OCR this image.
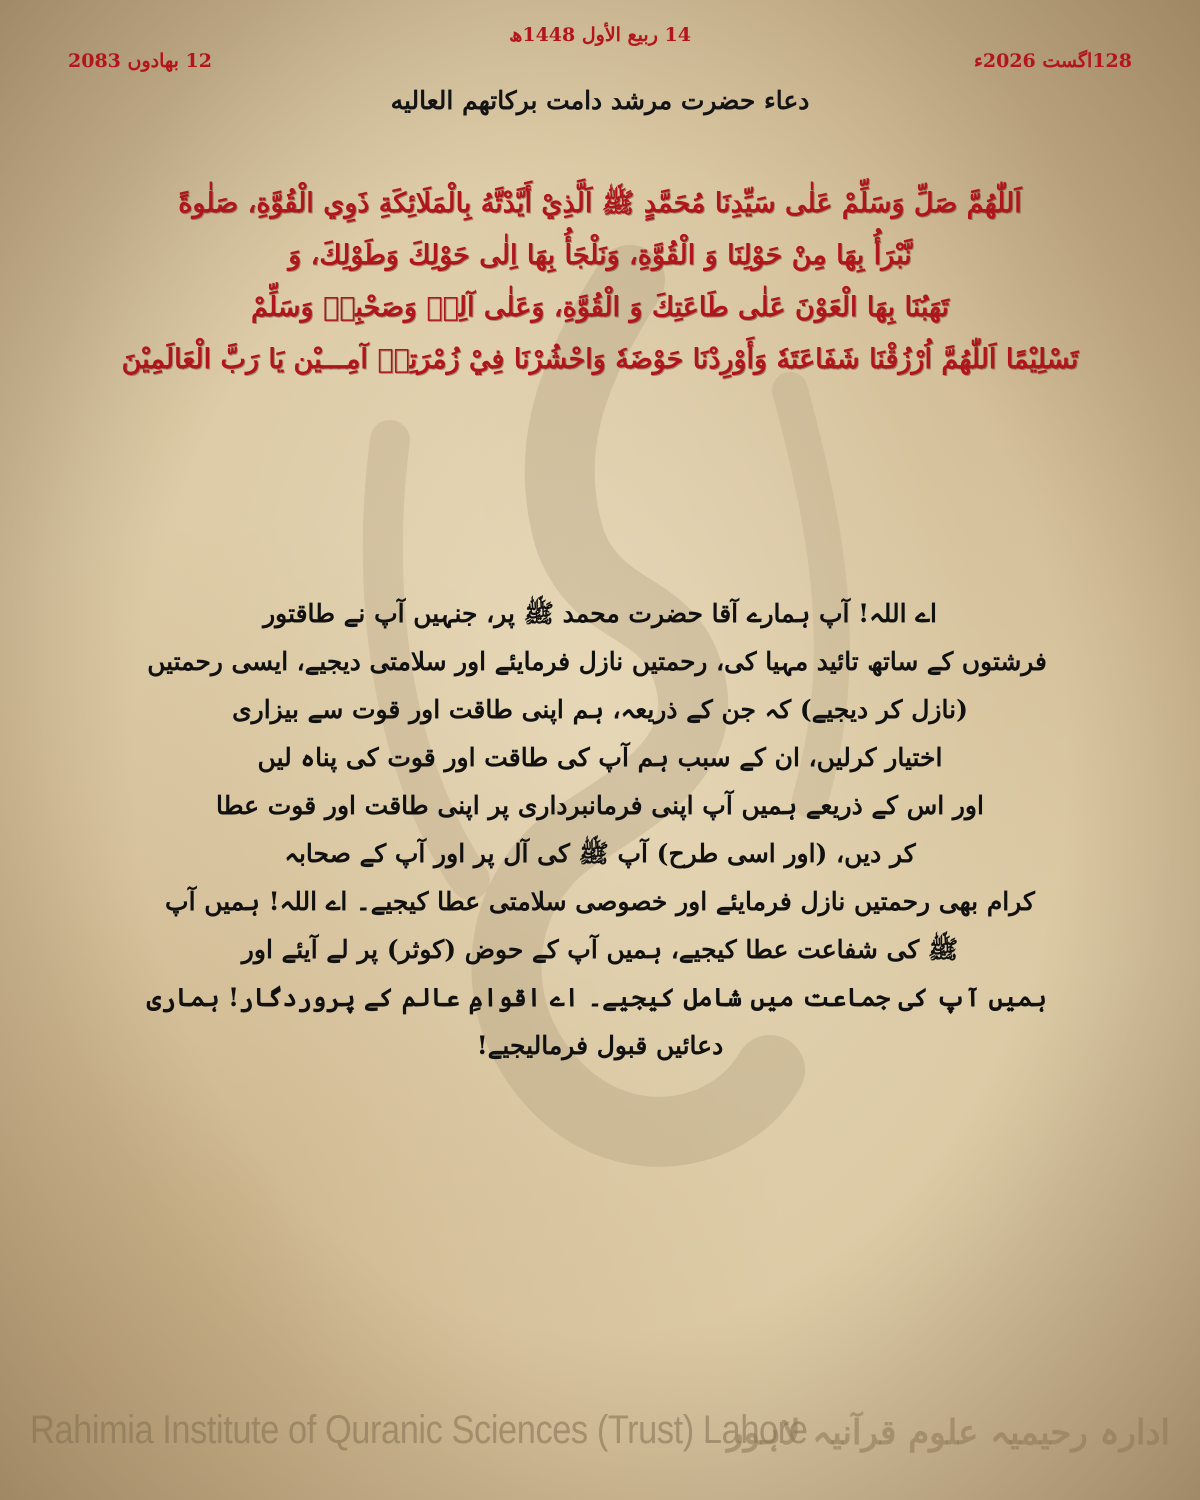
14 ربیع الأول 1448ھ
128اگست 2026ء
12 بھادوں 2083
دعاء حضرت مرشد دامت برکاتهم العالیه
اَللّٰهُمَّ صَلِّ وَسَلِّمْ عَلٰى سَيِّدِنَا مُحَمَّدٍ ﷺ اَلَّذِيْ أَيَّدْتَّهُ بِالْمَلَائِكَةِ ذَوِي الْقُوَّةِ، صَلٰوةً
نَّبْرَأُ بِهَا مِنْ حَوْلِنَا وَ الْقُوَّةِ، وَنَلْجَأُ بِهَا اِلٰى حَوْلِكَ وَطَوْلِكَ، وَ
تَهَبُنَا بِهَا الْعَوْنَ عَلٰى طَاعَتِكَ وَ الْقُوَّةِ، وَعَلٰى آلِهٖ وَصَحْبِهٖ وَسَلِّمْ
تَسْلِيْمًا اَللّٰهُمَّ اُرْزُقْنَا شَفَاعَتَهٗ وَأَوْرِدْنَا حَوْضَهٗ وَاحْشُرْنَا فِيْ زُمْرَتِهٖ آمِـــيْن يَا رَبَّ الْعَالَمِيْنَ
اے اللہ! آپ ہمارے آقا حضرت محمد ﷺ پر، جنہیں آپ نے طاقتور
فرشتوں کے ساتھ تائید مہیا کی، رحمتیں نازل فرمایئے اور سلامتی دیجیے، ایسی رحمتیں
(نازل کر دیجیے) کہ جن کے ذریعہ، ہم اپنی طاقت اور قوت سے بیزاری
اختیار کرلیں، ان کے سبب ہم آپ کی طاقت اور قوت کی پناہ لیں
اور اس کے ذریعے ہمیں آپ اپنی فرمانبرداری پر اپنی طاقت اور قوت عطا
کر دیں، (اور اسی طرح) آپ ﷺ کی آل پر اور آپ کے صحابہ
کرام بھی رحمتیں نازل فرمایئے اور خصوصی سلامتی عطا کیجیے۔ اے اللہ! ہمیں آپ
ﷺ کی شفاعت عطا کیجیے، ہمیں آپ کے حوض (کوثر) پر لے آیئے اور
ہمیں آپ کی جماعت میں شامل کیجیے۔ اے اقوامِ عالم کے پروردگار! ہماری
دعائیں قبول فرمالیجیے!
Rahimia Institute of Quranic Sciences (Trust) Lahore
ادارہ رحیمیہ علوم قرآنیہ لاہور
